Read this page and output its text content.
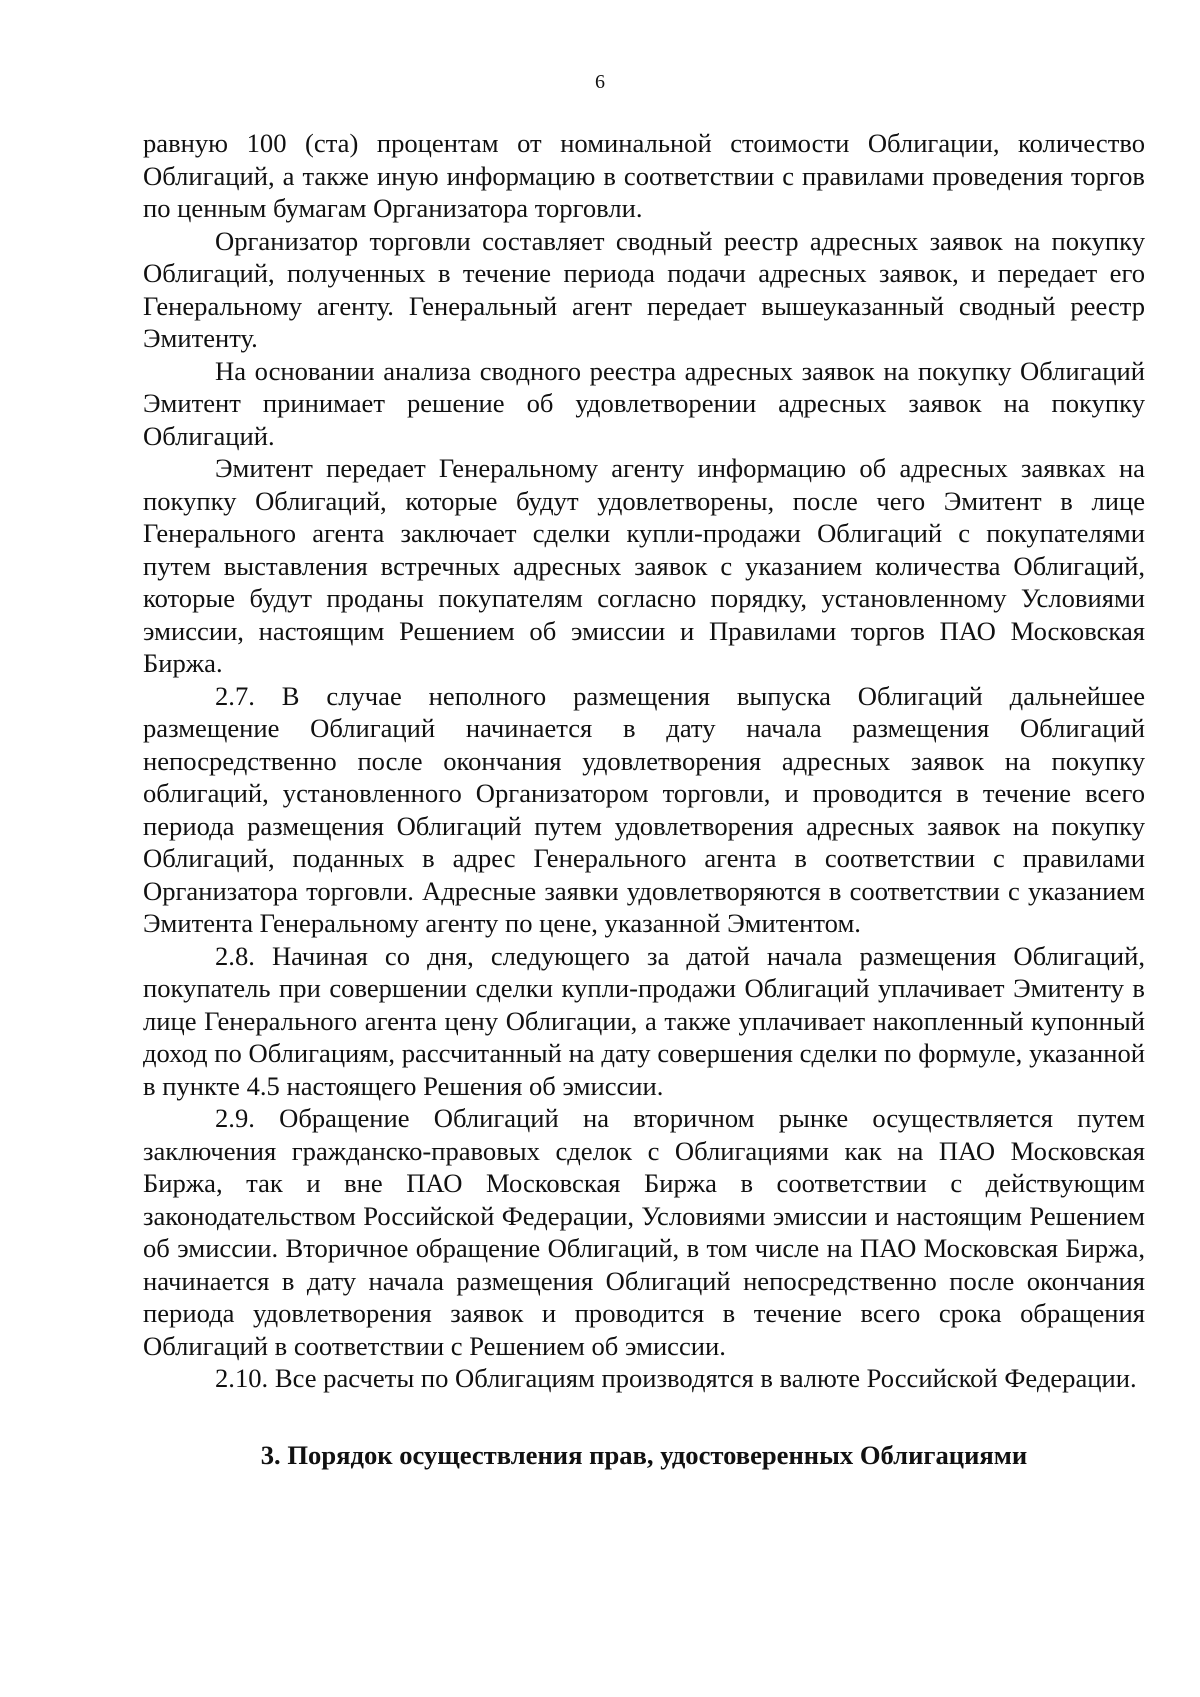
6

равную 100 (ста) процентам от номинальной стоимости Облигации, количество Облигаций, а также иную информацию в соответствии с правилами проведения торгов по ценным бумагам Организатора торговли.

Организатор торговли составляет сводный реестр адресных заявок на покупку Облигаций, полученных в течение периода подачи адресных заявок, и передает его Генеральному агенту. Генеральный агент передает вышеуказанный сводный реестр Эмитенту.

На основании анализа сводного реестра адресных заявок на покупку Облигаций Эмитент принимает решение об удовлетворении адресных заявок на покупку Облигаций.

Эмитент передает Генеральному агенту информацию об адресных заявках на покупку Облигаций, которые будут удовлетворены, после чего Эмитент в лице Генерального агента заключает сделки купли-продажи Облигаций с покупателями путем выставления встречных адресных заявок с указанием количества Облигаций, которые будут проданы покупателям согласно порядку, установленному Условиями эмиссии, настоящим Решением об эмиссии и Правилами торгов ПАО Московская Биржа.

2.7. В случае неполного размещения выпуска Облигаций дальнейшее размещение Облигаций начинается в дату начала размещения Облигаций непосредственно после окончания удовлетворения адресных заявок на покупку облигаций, установленного Организатором торговли, и проводится в течение всего периода размещения Облигаций путем удовлетворения адресных заявок на покупку Облигаций, поданных в адрес Генерального агента в соответствии с правилами Организатора торговли. Адресные заявки удовлетворяются в соответствии с указанием Эмитента Генеральному агенту по цене, указанной Эмитентом.

2.8. Начиная со дня, следующего за датой начала размещения Облигаций, покупатель при совершении сделки купли-продажи Облигаций уплачивает Эмитенту в лице Генерального агента цену Облигации, а также уплачивает накопленный купонный доход по Облигациям, рассчитанный на дату совершения сделки по формуле, указанной в пункте 4.5 настоящего Решения об эмиссии.

2.9. Обращение Облигаций на вторичном рынке осуществляется путем заключения гражданско-правовых сделок с Облигациями как на ПАО Московская Биржа, так и вне ПАО Московская Биржа в соответствии с действующим законодательством Российской Федерации, Условиями эмиссии и настоящим Решением об эмиссии. Вторичное обращение Облигаций, в том числе на ПАО Московская Биржа, начинается в дату начала размещения Облигаций непосредственно после окончания периода удовлетворения заявок и проводится в течение всего срока обращения Облигаций в соответствии с Решением об эмиссии.

2.10. Все расчеты по Облигациям производятся в валюте Российской Федерации.

3. Порядок осуществления прав, удостоверенных Облигациями
